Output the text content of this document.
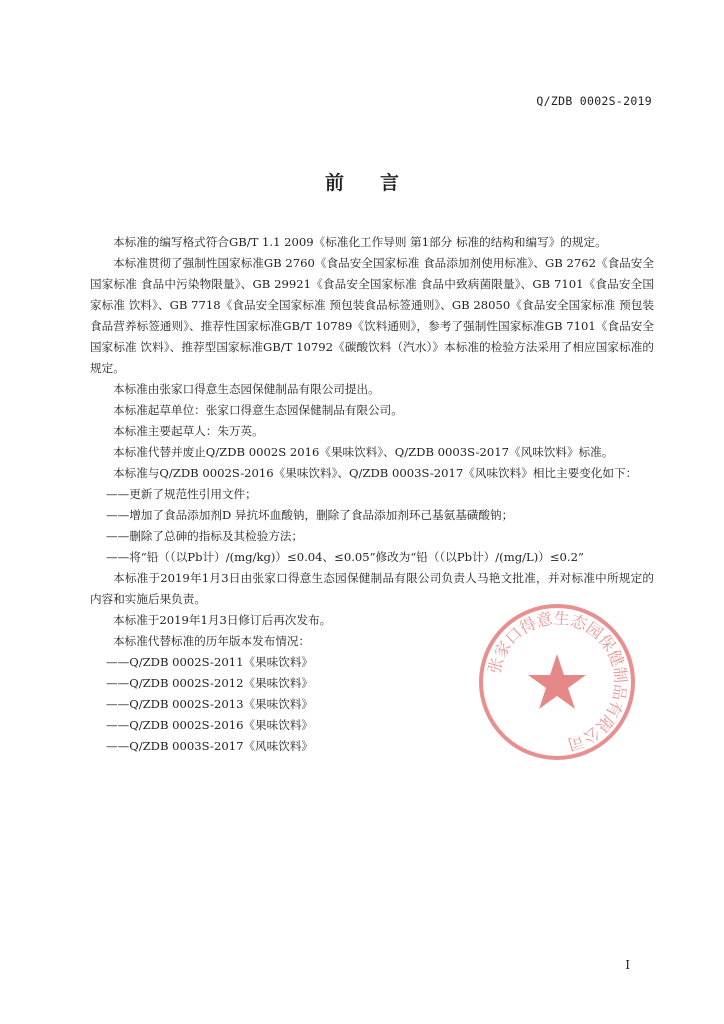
Q/ZDB 0002S-2019
前言

本标准的编写格式符合GB/T 1.1 2009《标准化工作导则 第1部分 标准的结构和编写》的规定。

本标准贯彻了强制性国家标准GB 2760《食品安全国家标准 食品添加剂使用标准》、GB 2762《食品安全国家标准 食品中污染物限量》、GB 29921《食品安全国家标准 食品中致病菌限量》、GB 7101《食品安全国家标准 饮料》、GB 7718《食品安全国家标准 预包装食品标签通则》、GB 28050《食品安全国家标准 预包装食品营养标签通则》、推荐性国家标准GB/T 10789《饮料通则》，参考了强制性国家标准GB 7101《食品安全国家标准 饮料》、推荐型国家标准GB/T 10792《碳酸饮料（汽水）》本标准的检验方法采用了相应国家标准的规定。

本标准由张家口得意生态园保健制品有限公司提出。

本标准起草单位：张家口得意生态园保健制品有限公司。

本标准主要起草人：朱万英。

本标准代替并废止Q/ZDB 0002S 2016《果味饮料》、Q/ZDB 0003S-2017《风味饮料》标准。

本标准与Q/ZDB 0002S-2016《果味饮料》、Q/ZDB 0003S-2017《风味饮料》相比主要变化如下：

——更新了规范性引用文件；

——增加了食品添加剂D 异抗坏血酸钠，删除了食品添加剂环己基氨基磺酸钠；

——删除了总砷的指标及其检验方法；

——将“铅（（以Pb计）/(mg/kg)）≤0.04、≤0.05”修改为“铅（（以Pb计）/(mg/L)）≤0.2”

本标准于2019年1月3日由张家口得意生态园保健制品有限公司负责人马艳文批准，并对标准中所规定的内容和实施后果负责。

本标准于2019年1月3日修订后再次发布。

本标准代替标准的历年版本发布情况：

——Q/ZDB 0002S-2011《果味饮料》

——Q/ZDB 0002S-2012《果味饮料》

——Q/ZDB 0002S-2013《果味饮料》

——Q/ZDB 0002S-2016《果味饮料》

——Q/ZDB 0003S-2017《风味饮料》

张家口得意生态园保健制品有限公司
I
